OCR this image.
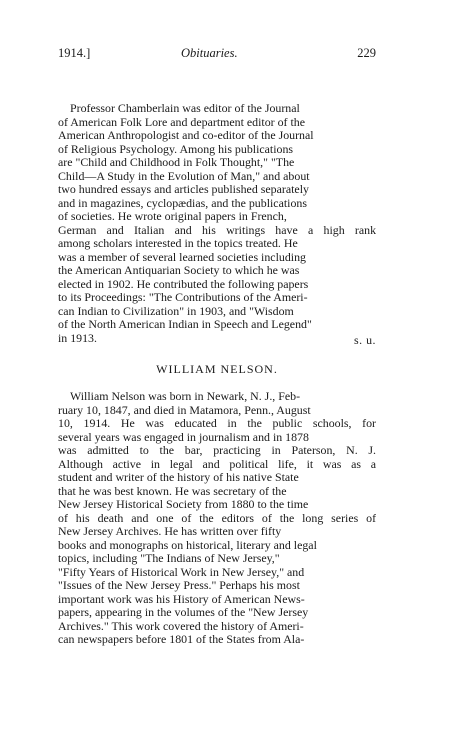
1914.]	Obituaries.	229
Professor Chamberlain was editor of the Journal
of American Folk Lore and department editor of the
American Anthropologist and co-editor of the Journal
of Religious Psychology. Among his publications
are "Child and Childhood in Folk Thought," "The
Child—A Study in the Evolution of Man," and about
two hundred essays and articles published separately
and in magazines, cyclopædias, and the publications
of societies. He wrote original papers in French,
German and Italian and his writings have a high rank
among scholars interested in the topics treated. He
was a member of several learned societies including
the American Antiquarian Society to which he was
elected in 1902. He contributed the following papers
to its Proceedings: "The Contributions of the Ameri-
can Indian to Civilization" in 1903, and "Wisdom
of the North American Indian in Speech and Legend"
in 1913.	s. u.
WILLIAM NELSON.
William Nelson was born in Newark, N. J., Feb-
ruary 10, 1847, and died in Matamora, Penn., August
10, 1914. He was educated in the public schools, for
several years was engaged in journalism and in 1878
was admitted to the bar, practicing in Paterson, N. J.
Although active in legal and political life, it was as a
student and writer of the history of his native State
that he was best known. He was secretary of the
New Jersey Historical Society from 1880 to the time
of his death and one of the editors of the long series of
New Jersey Archives. He has written over fifty
books and monographs on historical, literary and legal
topics, including "The Indians of New Jersey,"
"Fifty Years of Historical Work in New Jersey," and
"Issues of the New Jersey Press." Perhaps his most
important work was his History of American News-
papers, appearing in the volumes of the "New Jersey
Archives." This work covered the history of Ameri-
can newspapers before 1801 of the States from Ala-
